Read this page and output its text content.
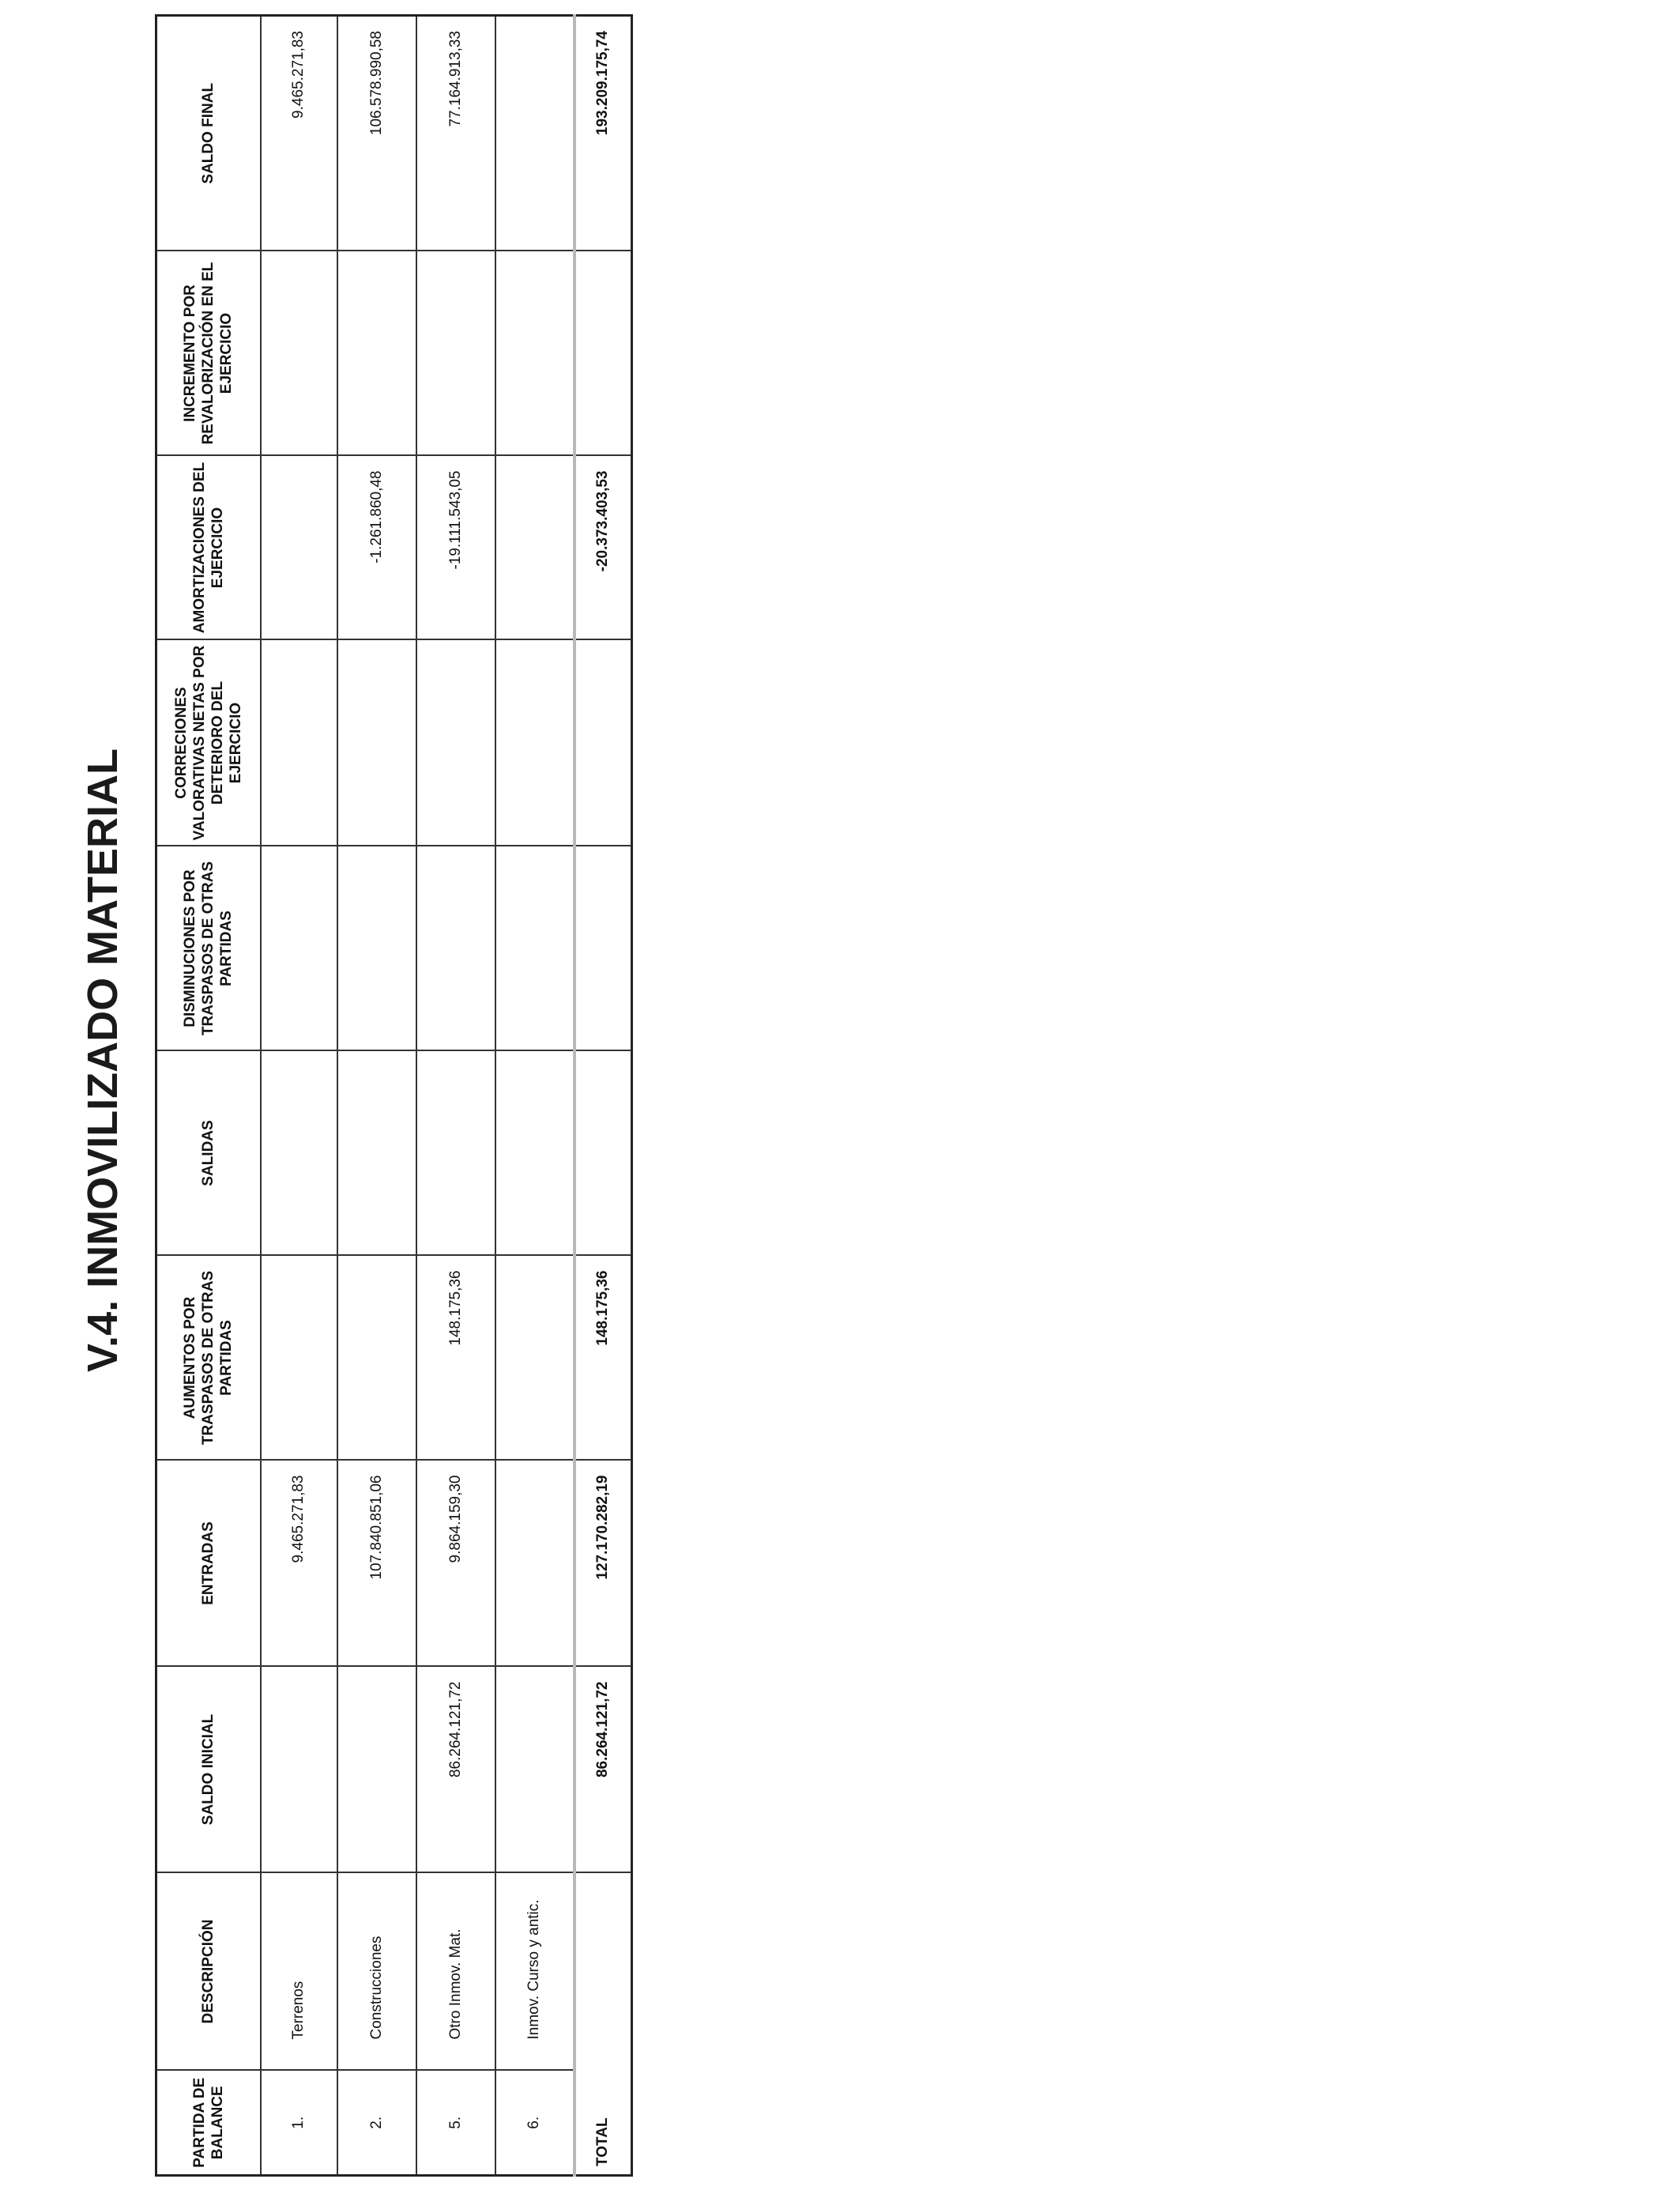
V.4. INMOVILIZADO MATERIAL
PARTIDA DE BALANCE	DESCRIPCIÓN	SALDO INICIAL	ENTRADAS	AUMENTOS POR TRASPASOS DE OTRAS PARTIDAS	SALIDAS	DISMINUCIONES POR TRASPASOS DE OTRAS PARTIDAS	CORRECIONES VALORATIVAS NETAS POR DETERIORO DEL EJERCICIO	AMORTIZACIONES DEL EJERCICIO	INCREMENTO POR REVALORIZACIÓN EN EL EJERCICIO	SALDO FINAL
1.	Terrenos		9.465.271,83							9.465.271,83
2.	Construcciones		107.840.851,06					-1.261.860,48		106.578.990,58
5.	Otro Inmov. Mat.	86.264.121,72	9.864.159,30	148.175,36				-19.111.543,05		77.164.913,33
6.	Inmov. Curso y antic.									
TOTAL		86.264.121,72	127.170.282,19	148.175,36				-20.373.403,53		193.209.175,74
